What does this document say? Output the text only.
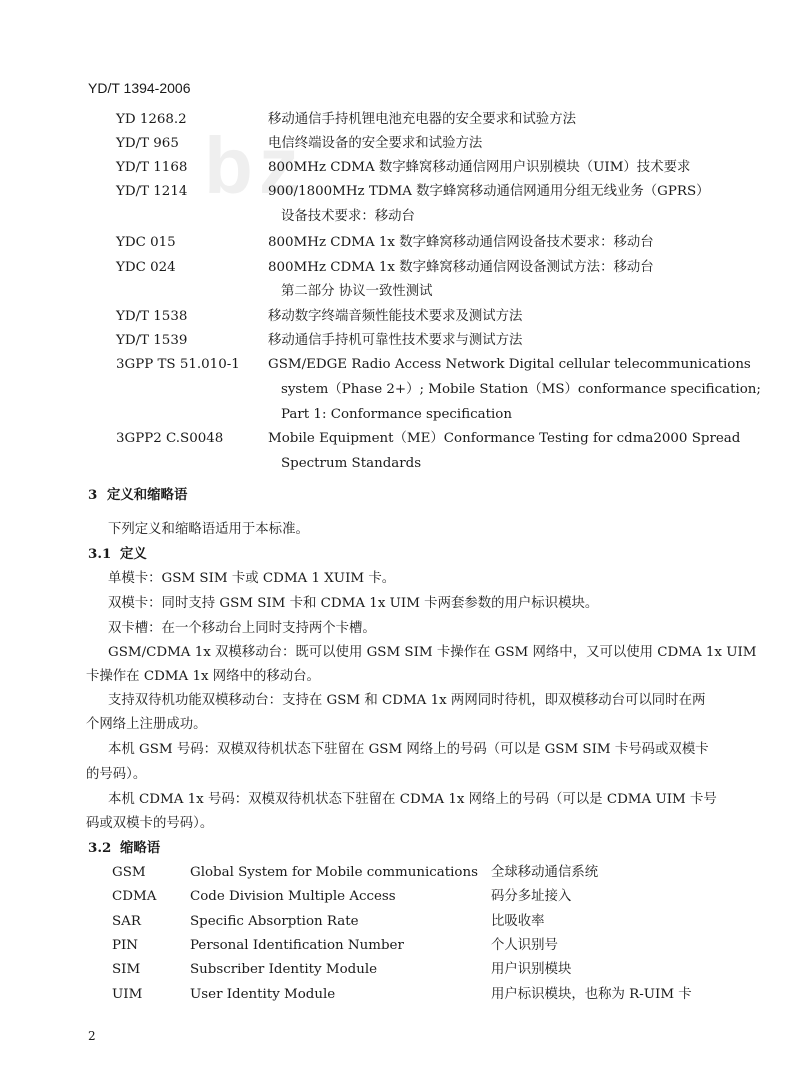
bz
YD/T 1394-2006
YD 1268.2	移动通信手持机锂电池充电器的安全要求和试验方法
YD/T 965	电信终端设备的安全要求和试验方法
YD/T 1168	800MHz CDMA 数字蜂窝移动通信网用户识别模块（UIM）技术要求
YD/T 1214	900/1800MHz TDMA 数字蜂窝移动通信网通用分组无线业务（GPRS）
设备技术要求：移动台
YDC 015	800MHz CDMA 1x 数字蜂窝移动通信网设备技术要求：移动台
YDC 024	800MHz CDMA 1x 数字蜂窝移动通信网设备测试方法：移动台
第二部分 协议一致性测试
YD/T 1538	移动数字终端音频性能技术要求及测试方法
YD/T 1539	移动通信手持机可靠性技术要求与测试方法
3GPP TS 51.010-1 GSM/EDGE Radio Access Network Digital cellular telecommunications
system（Phase 2+）; Mobile Station（MS）conformance specification;
Part 1: Conformance specification
3GPP2 C.S0048	Mobile Equipment（ME）Conformance Testing for cdma2000 Spread
Spectrum Standards
3 定义和缩略语
下列定义和缩略语适用于本标准。
3.1 定义
单模卡：GSM SIM 卡或 CDMA 1 XUIM 卡。
双模卡：同时支持 GSM SIM 卡和 CDMA 1x UIM 卡两套参数的用户标识模块。
双卡槽：在一个移动台上同时支持两个卡槽。
GSM/CDMA 1x 双模移动台：既可以使用 GSM SIM 卡操作在 GSM 网络中，又可以使用 CDMA 1x UIM
卡操作在 CDMA 1x 网络中的移动台。
支持双待机功能双模移动台：支持在 GSM 和 CDMA 1x 两网同时待机，即双模移动台可以同时在两
个网络上注册成功。
本机 GSM 号码：双模双待机状态下驻留在 GSM 网络上的号码（可以是 GSM SIM 卡号码或双模卡
的号码）。
本机 CDMA 1x 号码：双模双待机状态下驻留在 CDMA 1x 网络上的号码（可以是 CDMA UIM 卡号
码或双模卡的号码）。
3.2 缩略语
GSM	Global System for Mobile communications 全球移动通信系统
CDMA	Code Division Multiple Access	码分多址接入
SAR	Specific Absorption Rate	比吸收率
PIN	Personal Identification Number	个人识别号
SIM	Subscriber Identity Module	用户识别模块
UIM	User Identity Module	用户标识模块，也称为 R-UIM 卡
2
